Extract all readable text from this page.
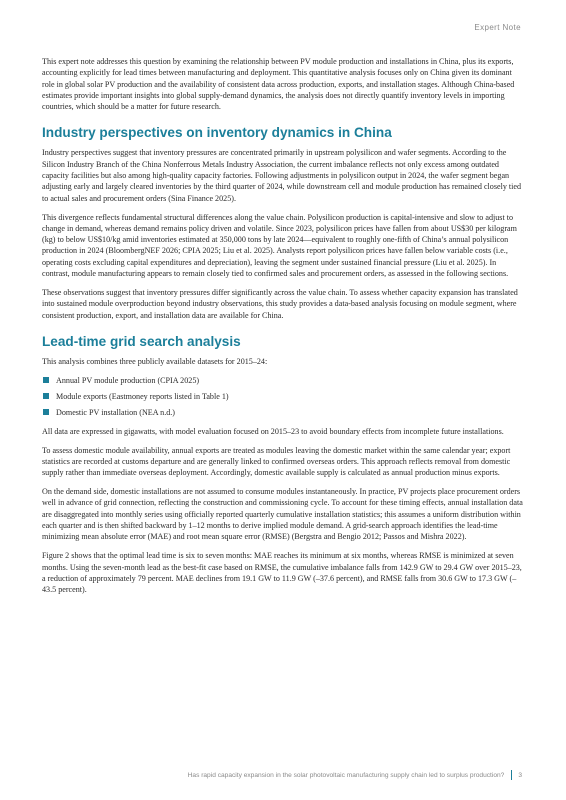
Expert Note

This expert note addresses this question by examining the relationship between PV module production and installations in China, plus its exports, accounting explicitly for lead times between manufacturing and deployment. This quantitative analysis focuses only on China given its dominant role in global solar PV production and the availability of consistent data across production, exports, and installation stages. Although China-based estimates provide important insights into global supply-demand dynamics, the analysis does not directly quantify inventory levels in importing countries, which should be a matter for future research.

Industry perspectives on inventory dynamics in China

Industry perspectives suggest that inventory pressures are concentrated primarily in upstream polysilicon and wafer segments. According to the Silicon Industry Branch of the China Nonferrous Metals Industry Association, the current imbalance reflects not only excess among outdated capacity facilities but also among high-quality capacity factories. Following adjustments in polysilicon output in 2024, the wafer segment began adjusting early and largely cleared inventories by the third quarter of 2024, while downstream cell and module production has remained closely tied to actual sales and procurement orders (Sina Finance 2025).

This divergence reflects fundamental structural differences along the value chain. Polysilicon production is capital-intensive and slow to adjust to change in demand, whereas demand remains policy driven and volatile. Since 2023, polysilicon prices have fallen from about US$30 per kilogram (kg) to below US$10/kg amid inventories estimated at 350,000 tons by late 2024—equivalent to roughly one-fifth of China’s annual polysilicon production in 2024 (BloombergNEF 2026; CPIA 2025; Liu et al. 2025). Analysts report polysilicon prices have fallen below variable costs (i.e., operating costs excluding capital expenditures and depreciation), leaving the segment under sustained financial pressure (Liu et al. 2025). In contrast, module manufacturing appears to remain closely tied to confirmed sales and procurement orders, as assessed in the following sections.

These observations suggest that inventory pressures differ significantly across the value chain. To assess whether capacity expansion has translated into sustained module overproduction beyond industry observations, this study provides a data-based analysis focusing on module segment, where consistent production, export, and installation data are available for China.

Lead-time grid search analysis

This analysis combines three publicly available datasets for 2015–24:

Annual PV module production (CPIA 2025)
Module exports (Eastmoney reports listed in Table 1)
Domestic PV installation (NEA n.d.)

All data are expressed in gigawatts, with model evaluation focused on 2015–23 to avoid boundary effects from incomplete future installations.

To assess domestic module availability, annual exports are treated as modules leaving the domestic market within the same calendar year; export statistics are recorded at customs departure and are generally linked to confirmed overseas orders. This approach reflects removal from domestic supply rather than immediate overseas deployment. Accordingly, domestic available supply is calculated as annual production minus exports.

On the demand side, domestic installations are not assumed to consume modules instantaneously. In practice, PV projects place procurement orders well in advance of grid connection, reflecting the construction and commissioning cycle. To account for these timing effects, annual installation data are disaggregated into monthly series using officially reported quarterly cumulative installation statistics; this assumes a uniform distribution within each quarter and is then shifted backward by 1–12 months to derive implied module demand. A grid-search approach identifies the lead-time minimizing mean absolute error (MAE) and root mean square error (RMSE) (Bergstra and Bengio 2012; Passos and Mishra 2022).

Figure 2 shows that the optimal lead time is six to seven months: MAE reaches its minimum at six months, whereas RMSE is minimized at seven months. Using the seven-month lead as the best-fit case based on RMSE, the cumulative imbalance falls from 142.9 GW to 29.4 GW over 2015–23, a reduction of approximately 79 percent. MAE declines from 19.1 GW to 11.9 GW (–37.6 percent), and RMSE falls from 30.6 GW to 17.3 GW (–43.5 percent).

Has rapid capacity expansion in the solar photovoltaic manufacturing supply chain led to surplus production? 3
